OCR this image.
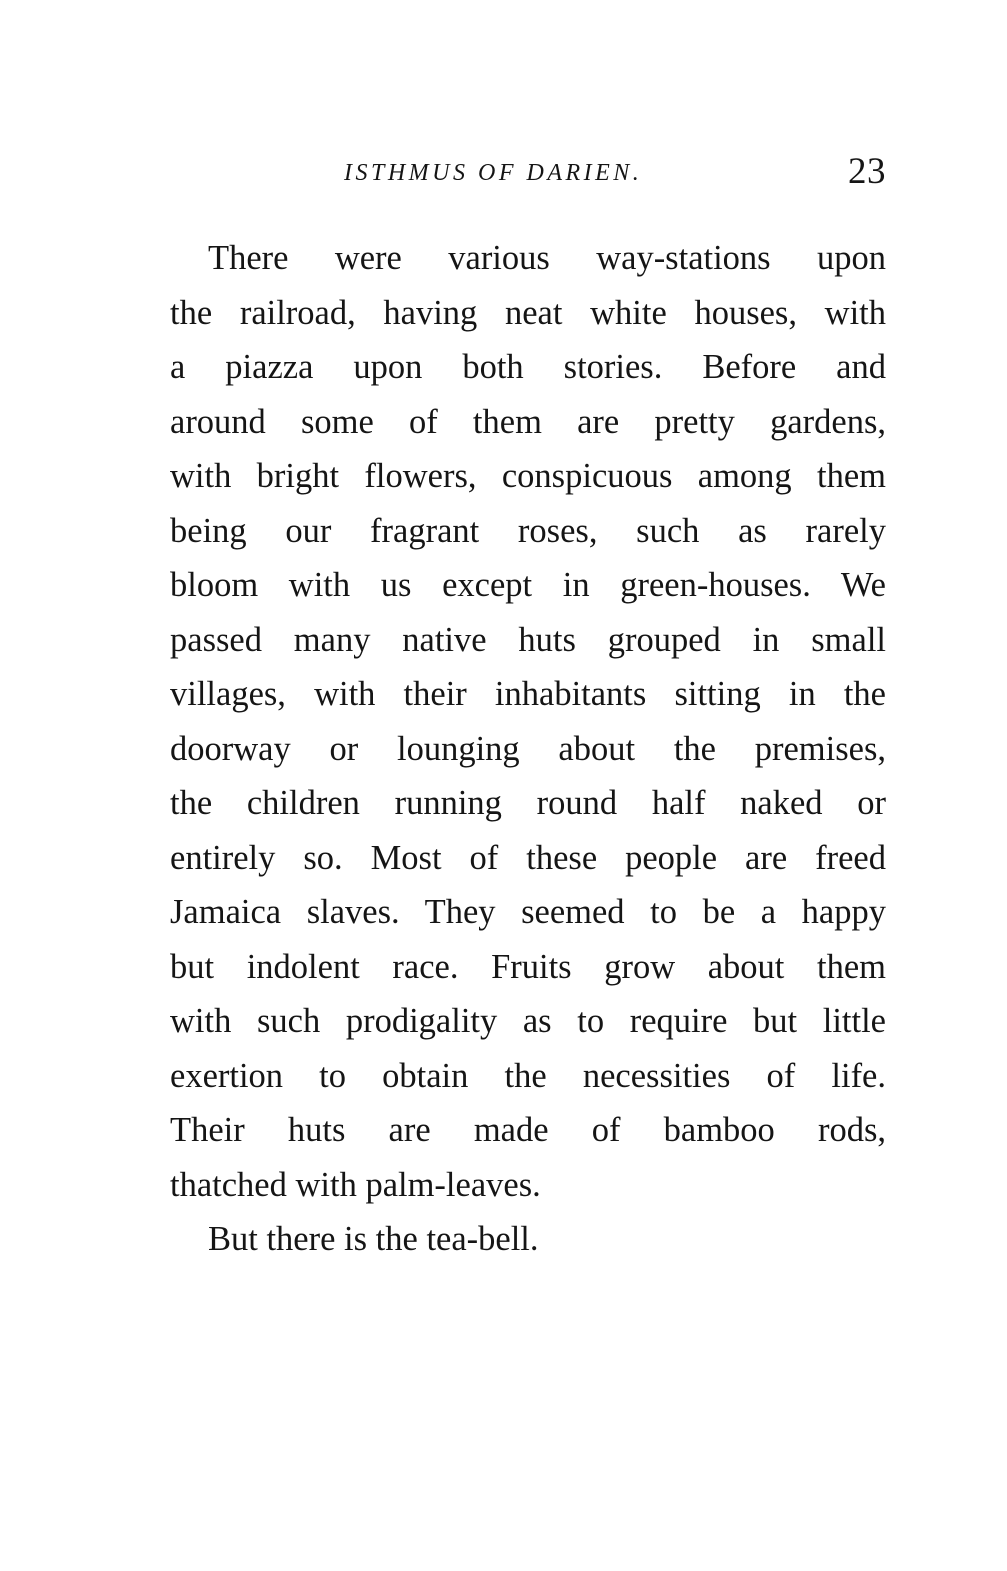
ISTHMUS OF DARIEN.	23
There were various way-stations upon
the railroad, having neat white houses, with
a piazza upon both stories. Before and
around some of them are pretty gardens,
with bright flowers, conspicuous among them
being our fragrant roses, such as rarely
bloom with us except in green-houses. We
passed many native huts grouped in small
villages, with their inhabitants sitting in the
doorway or lounging about the premises,
the children running round half naked or
entirely so. Most of these people are freed
Jamaica slaves. They seemed to be a happy
but indolent race. Fruits grow about them
with such prodigality as to require but little
exertion to obtain the necessities of life.
Their huts are made of bamboo rods,
thatched with palm-leaves.
But there is the tea-bell.
